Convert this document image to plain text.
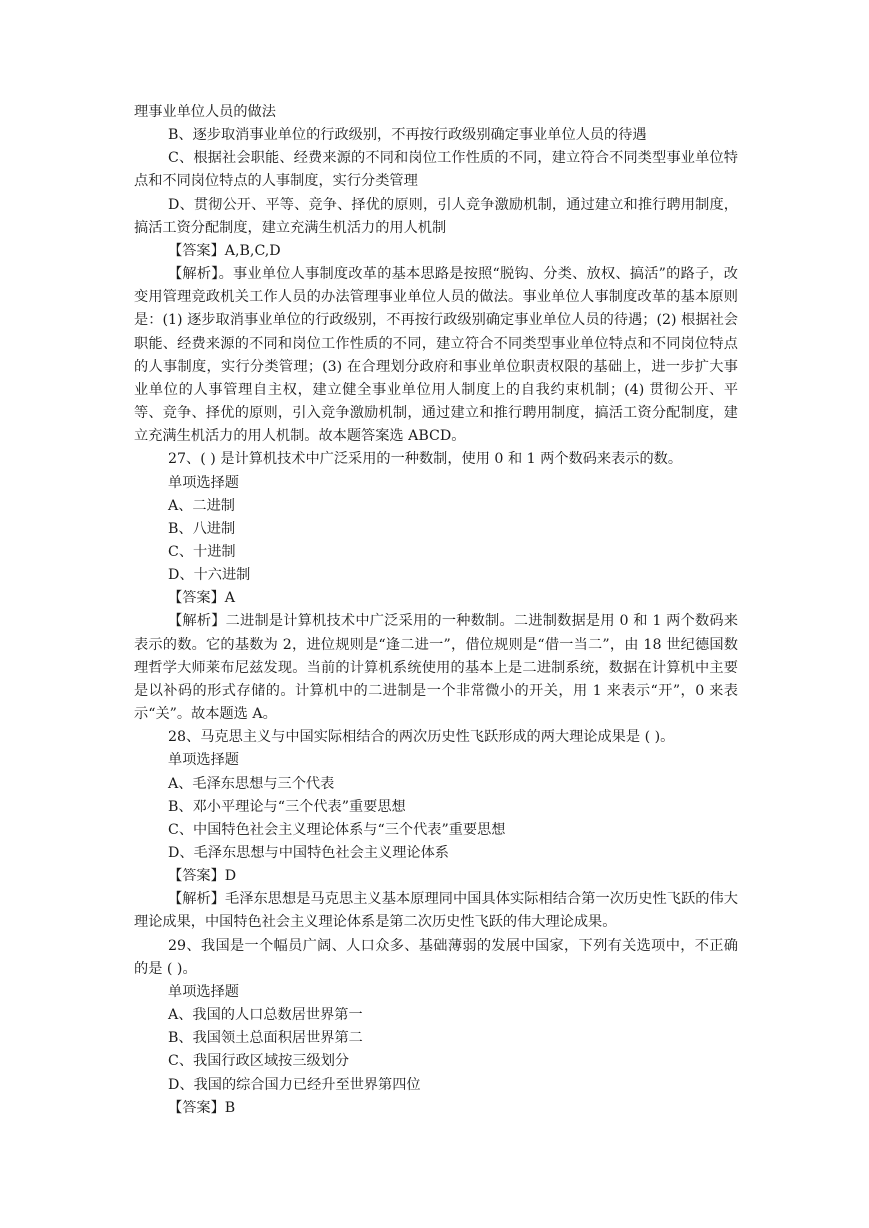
理事业单位人员的做法

B、逐步取消事业单位的行政级别，不再按行政级别确定事业单位人员的待遇

C、根据社会职能、经费来源的不同和岗位工作性质的不同，建立符合不同类型事业单位特点和不同岗位特点的人事制度，实行分类管理

D、贯彻公开、平等、竞争、择优的原则，引人竞争激励机制，通过建立和推行聘用制度，搞活工资分配制度，建立充满生机活力的用人机制

【答案】A,B,C,D

【解析】。事业单位人事制度改革的基本思路是按照“脱钩、分类、放权、搞活”的路子，改变用管理竞政机关工作人员的办法管理事业单位人员的做法。事业单位人事制度改革的基本原则是：(1) 逐步取消事业单位的行政级别，不再按行政级别确定事业单位人员的待遇；(2) 根据社会职能、经费来源的不同和岗位工作性质的不同，建立符合不同类型事业单位特点和不同岗位特点的人事制度，实行分类管理；(3) 在合理划分政府和事业单位职责权限的基础上，进一步扩大事业单位的人事管理自主权，建立健全事业单位用人制度上的自我约束机制；(4) 贯彻公开、平等、竞争、择优的原则，引入竞争激励机制，通过建立和推行聘用制度，搞活工资分配制度，建立充满生机活力的用人机制。故本题答案选 ABCD。

27、( ) 是计算机技术中广泛采用的一种数制，使用 0 和 1 两个数码来表示的数。

单项选择题

A、二进制

B、八进制

C、十进制

D、十六进制

【答案】A

【解析】二进制是计算机技术中广泛采用的一种数制。二进制数据是用 0 和 1 两个数码来表示的数。它的基数为 2，进位规则是“逢二进一”，借位规则是“借一当二”，由 18 世纪德国数理哲学大师莱布尼兹发现。当前的计算机系统使用的基本上是二进制系统，数据在计算机中主要是以补码的形式存储的。计算机中的二进制是一个非常微小的开关，用 1 来表示“开”，0 来表示“关”。故本题选 A。

28、马克思主义与中国实际相结合的两次历史性飞跃形成的两大理论成果是 ( )。

单项选择题

A、毛泽东思想与三个代表

B、邓小平理论与“三个代表”重要思想

C、中国特色社会主义理论体系与“三个代表”重要思想

D、毛泽东思想与中国特色社会主义理论体系

【答案】D

【解析】毛泽东思想是马克思主义基本原理同中国具体实际相结合第一次历史性飞跃的伟大理论成果，中国特色社会主义理论体系是第二次历史性飞跃的伟大理论成果。

29、我国是一个幅员广阔、人口众多、基础薄弱的发展中国家，下列有关选项中，不正确的是 ( )。

单项选择题

A、我国的人口总数居世界第一

B、我国领土总面积居世界第二

C、我国行政区域按三级划分

D、我国的综合国力已经升至世界第四位

【答案】B
